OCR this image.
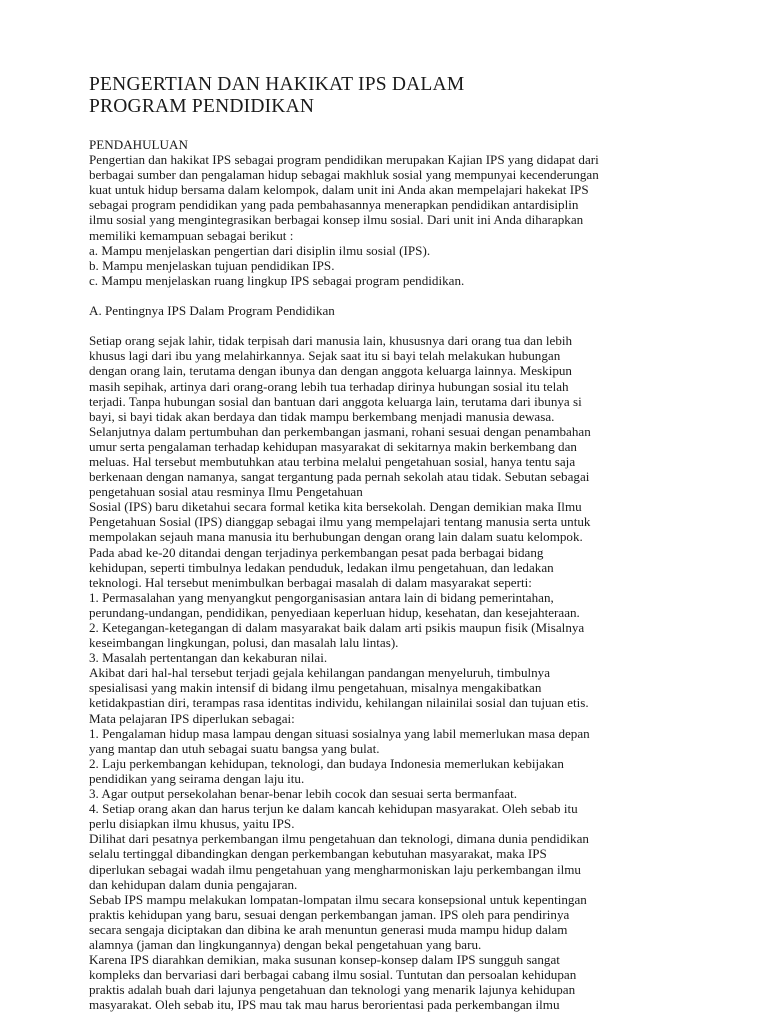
PENGERTIAN DAN HAKIKAT IPS DALAM
PROGRAM PENDIDIKAN
PENDAHULUAN
Pengertian dan hakikat IPS sebagai program pendidikan merupakan Kajian IPS yang didapat dari
berbagai sumber dan pengalaman hidup sebagai makhluk sosial yang mempunyai kecenderungan
kuat untuk hidup bersama dalam kelompok, dalam unit ini Anda akan mempelajari hakekat IPS
sebagai program pendidikan yang pada pembahasannya menerapkan pendidikan antardisiplin
ilmu sosial yang mengintegrasikan berbagai konsep ilmu sosial. Dari unit ini Anda diharapkan
memiliki kemampuan sebagai berikut :
a. Mampu menjelaskan pengertian dari disiplin ilmu sosial (IPS).
b. Mampu menjelaskan tujuan pendidikan IPS.
c. Mampu menjelaskan ruang lingkup IPS sebagai program pendidikan.
A. Pentingnya IPS Dalam Program Pendidikan
Setiap orang sejak lahir, tidak terpisah dari manusia lain, khususnya dari orang tua dan lebih
khusus lagi dari ibu yang melahirkannya. Sejak saat itu si bayi telah melakukan hubungan
dengan orang lain, terutama dengan ibunya dan dengan anggota keluarga lainnya. Meskipun
masih sepihak, artinya dari orang-orang lebih tua terhadap dirinya hubungan sosial itu telah
terjadi. Tanpa hubungan sosial dan bantuan dari anggota keluarga lain, terutama dari ibunya si
bayi, si bayi tidak akan berdaya dan tidak mampu berkembang menjadi manusia dewasa.
Selanjutnya dalam pertumbuhan dan perkembangan jasmani, rohani sesuai dengan penambahan
umur serta pengalaman terhadap kehidupan masyarakat di sekitarnya makin berkembang dan
meluas. Hal tersebut membutuhkan atau terbina melalui pengetahuan sosial, hanya tentu saja
berkenaan dengan namanya, sangat tergantung pada pernah sekolah atau tidak. Sebutan sebagai
pengetahuan sosial atau resminya Ilmu Pengetahuan
Sosial (IPS) baru diketahui secara formal ketika kita bersekolah. Dengan demikian maka Ilmu
Pengetahuan Sosial (IPS) dianggap sebagai ilmu yang mempelajari tentang manusia serta untuk
mempolakan sejauh mana manusia itu berhubungan dengan orang lain dalam suatu kelompok.
Pada abad ke-20 ditandai dengan terjadinya perkembangan pesat pada berbagai bidang
kehidupan, seperti timbulnya ledakan penduduk, ledakan ilmu pengetahuan, dan ledakan
teknologi. Hal tersebut menimbulkan berbagai masalah di dalam masyarakat seperti:
1. Permasalahan yang menyangkut pengorganisasian antara lain di bidang pemerintahan,
perundang-undangan, pendidikan, penyediaan keperluan hidup, kesehatan, dan kesejahteraan.
2. Ketegangan-ketegangan di dalam masyarakat baik dalam arti psikis maupun fisik (Misalnya
keseimbangan lingkungan, polusi, dan masalah lalu lintas).
3. Masalah pertentangan dan kekaburan nilai.
Akibat dari hal-hal tersebut terjadi gejala kehilangan pandangan menyeluruh, timbulnya
spesialisasi yang makin intensif di bidang ilmu pengetahuan, misalnya mengakibatkan
ketidakpastian diri, terampas rasa identitas individu, kehilangan nilainilai sosial dan tujuan etis.
Mata pelajaran IPS diperlukan sebagai:
1. Pengalaman hidup masa lampau dengan situasi sosialnya yang labil memerlukan masa depan
yang mantap dan utuh sebagai suatu bangsa yang bulat.
2. Laju perkembangan kehidupan, teknologi, dan budaya Indonesia memerlukan kebijakan
pendidikan yang seirama dengan laju itu.
3. Agar output persekolahan benar-benar lebih cocok dan sesuai serta bermanfaat.
4. Setiap orang akan dan harus terjun ke dalam kancah kehidupan masyarakat. Oleh sebab itu
perlu disiapkan ilmu khusus, yaitu IPS.
Dilihat dari pesatnya perkembangan ilmu pengetahuan dan teknologi, dimana dunia pendidikan
selalu tertinggal dibandingkan dengan perkembangan kebutuhan masyarakat, maka IPS
diperlukan sebagai wadah ilmu pengetahuan yang mengharmoniskan laju perkembangan ilmu
dan kehidupan dalam dunia pengajaran.
Sebab IPS mampu melakukan lompatan-lompatan ilmu secara konsepsional untuk kepentingan
praktis kehidupan yang baru, sesuai dengan perkembangan jaman. IPS oleh para pendirinya
secara sengaja diciptakan dan dibina ke arah menuntun generasi muda mampu hidup dalam
alamnya (jaman dan lingkungannya) dengan bekal pengetahuan yang baru.
Karena IPS diarahkan demikian, maka susunan konsep-konsep dalam IPS sungguh sangat
kompleks dan bervariasi dari berbagai cabang ilmu sosial. Tuntutan dan persoalan kehidupan
praktis adalah buah dari lajunya pengetahuan dan teknologi yang menarik lajunya kehidupan
masyarakat. Oleh sebab itu, IPS mau tak mau harus berorientasi pada perkembangan ilmu
